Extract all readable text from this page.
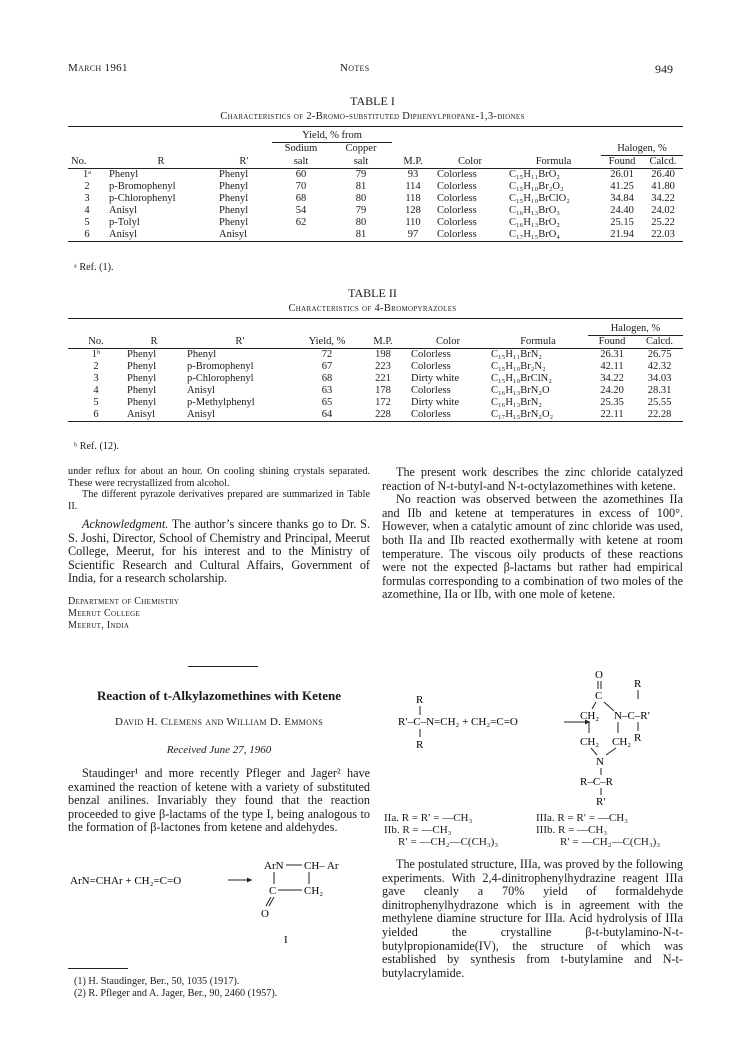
March 1961	Notes	949
TABLE I
Characteristics of 2-Bromo-substituted Diphenylpropane-1,3-diones
			Yield, % from						
			Sodium	Copper				Halogen, %	
No.	R	R′	salt	salt	M.P.	Color	Formula	Found	Calcd.
1ᵃ	Phenyl	Phenyl	60	79	93	Colorless	C₁₅H₁₁BrO₂	26.01	26.40
2	p-Bromophenyl	Phenyl	70	81	114	Colorless	C₁₅H₁₀Br₂O₂	41.25	41.80
3	p-Chlorophenyl	Phenyl	68	80	118	Colorless	C₁₅H₁₀BrClO₂	34.84	34.22
4	Anisyl	Phenyl	54	79	128	Colorless	C₁₆H₁₃BrO₃	24.40	24.02
5	p-Tolyl	Phenyl	62	80	110	Colorless	C₁₆H₁₃BrO₂	25.15	25.22
6	Anisyl	Anisyl		81	97	Colorless	C₁₇H₁₅BrO₄	21.94	22.03
ᵃ Ref. (1).
TABLE II
Characteristics of 4-Bromopyrazoles
							Halogen, %	
No.	R	R′	Yield, %	M.P.	Color	Formula	Found	Calcd.
1ᵇ	Phenyl	Phenyl	72	198	Colorless	C₁₅H₁₁BrN₂	26.31	26.75
2	Phenyl	p-Bromophenyl	67	223	Colorless	C₁₅H₁₀Br₂N₂	42.11	42.32
3	Phenyl	p-Chlorophenyl	68	221	Dirty white	C₁₅H₁₀BrClN₂	34.22	34.03
4	Phenyl	Anisyl	63	178	Colorless	C₁₆H₁₃BrN₂O	24.20	28.31
5	Phenyl	p-Methylphenyl	65	172	Dirty white	C₁₆H₁₃BrN₂	25.35	25.55
6	Anisyl	Anisyl	64	228	Colorless	C₁₇H₁₅BrN₂O₂	22.11	22.28
ᵇ Ref. (12).

under reflux for about an hour. On cooling shining crystals separated. These were recrystallized from alcohol.

The different pyrazole derivatives prepared are summarized in Table II.

Acknowledgment. The author’s sincere thanks go to Dr. S. S. Joshi, Director, School of Chemistry and Principal, Meerut College, Meerut, for his interest and to the Ministry of Scientific Research and Cultural Affairs, Government of India, for a research scholarship.

Department of Chemistry
Meerut College
Meerut, India
Reaction of t-Alkylazomethines with Ketene
David H. Clemens and William D. Emmons
Received June 27, 1960

Staudinger¹ and more recently Pfleger and Jager² have examined the reaction of ketene with a variety of substituted benzal anilines. Invariably they found that the reaction proceeded to give β-lactams of the type I, being analogous to the formation of β-lactones from ketene and aldehydes.

ArN=CHAr + CH₂=C=O
ArN CH– Ar
C	CH₂
O
I
(1) H. Staudinger, Ber., 50, 1035 (1917).
(2) R. Pfleger and A. Jager, Ber., 90, 2460 (1957).

The present work describes the zinc chloride catalyzed reaction of N-t-butyl-and N-t-octylazomethines with ketene.

No reaction was observed between the azomethines IIa and IIb and ketene at temperatures in excess of 100°. However, when a catalytic amount of zinc chloride was used, both IIa and IIb reacted exothermally with ketene at room temperature. The viscous oily products of these reactions were not the expected β-lactams but rather had empirical formulas corresponding to a combination of two moles of the azomethine, IIa or IIb, with one mole of ketene.

R
R′–C–N=CH₂ + CH₂=C=O
R
O
C
R
CH₂ N–C–R′
R
CH₂ CH₂
N
R–C–R
R′
IIa. R = R′ = —CH₃
IIb. R = —CH₃
R′ = —CH₂—C(CH₃)₃
IIIa. R = R′ = —CH₃
IIIb. R = —CH₃
R′ = —CH₂—C(CH₃)₃

The postulated structure, IIIa, was proved by the following experiments. With 2,4-dinitrophenylhydrazine reagent IIIa gave cleanly a 70% yield of formaldehyde dinitrophenylhydrazone which is in agreement with the methylene diamine structure for IIIa. Acid hydrolysis of IIIa yielded the crystalline β-t-butylamino-N-t-butylpropionamide(IV), the structure of which was established by synthesis from t-butylamine and N-t-butylacrylamide.
